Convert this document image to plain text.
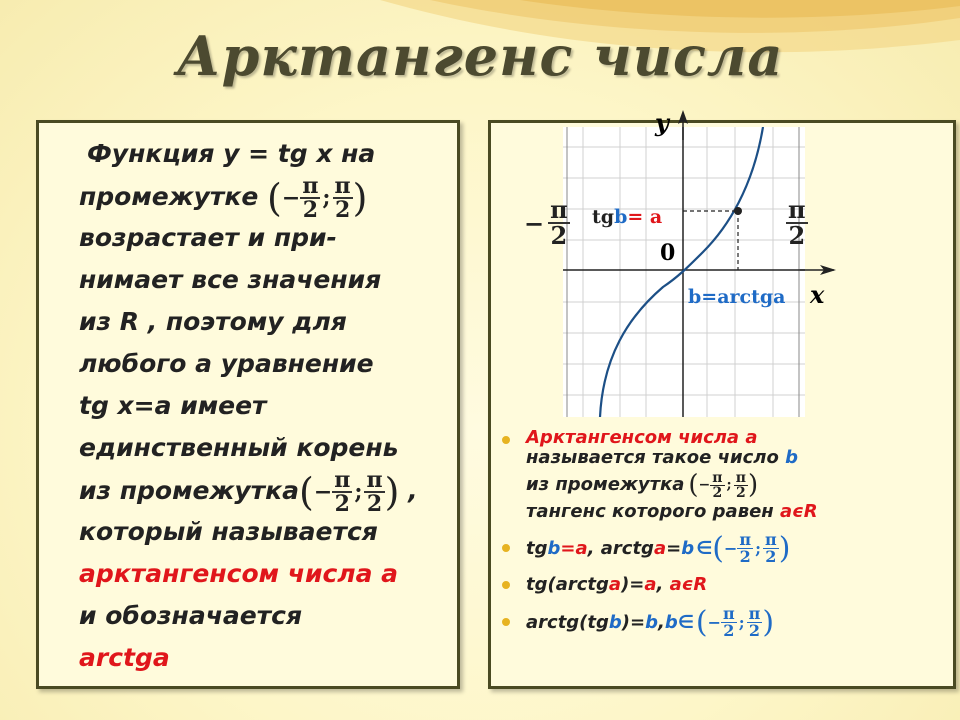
Арктангенс числа
Функция y = tg x на
промежутке ( − $\frac{\pi}{2}$ ; $\frac{\pi}{2}$ )
возрастает и при-
нимает все значения
из R , поэтому для
любого a уравнение
tg x=a имеет
единственный корень
из промежутка ( − $\frac{\pi}{2}$ ; $\frac{\pi}{2}$ ) ,
который называется
арктангенсом числа a
и обозначается
arctga
y
x
0
− $\frac{\pi}{2}$	$\frac{\pi}{2}$
tgb= a
b=arctga
Арктангенсом числа a
называется такое число b
из промежутка ( − $\frac{\pi}{2}$ ; $\frac{\pi}{2}$ )
тангенс которого равен aϵR
tg b = a , arctg a = b ∈ ( − $\frac{\pi}{2}$ ; $\frac{\pi}{2}$ )
tg(arctga)=a, aϵR
arctg(tg b )= b , b ∈ ( − $\frac{\pi}{2}$ ; $\frac{\pi}{2}$ )
